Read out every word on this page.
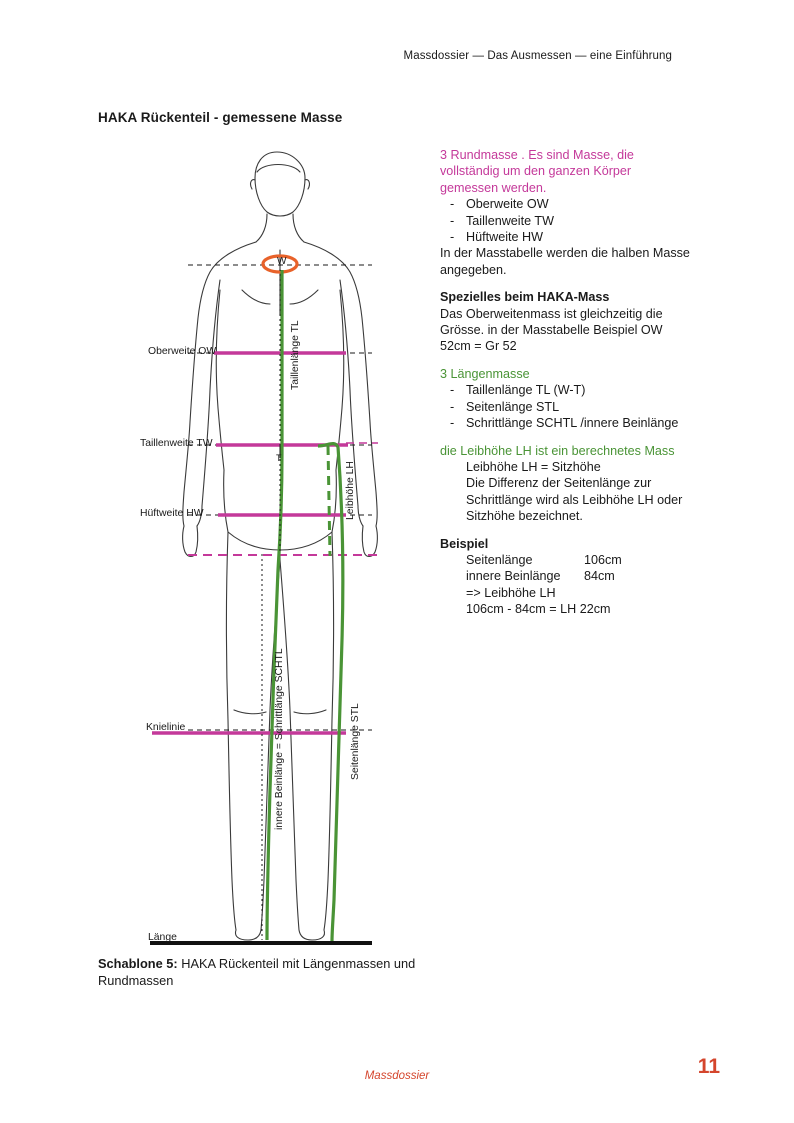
Massdossier — Das Ausmessen — eine Einführung
HAKA Rückenteil - gemessene Masse
W
Oberweite OW
Taillenweite TW
Hüftweite HW
Knielinie
Länge
T
Taillenlänge TL
Leibhöhe LH
Seitenlänge STL
innere Beinlänge = Schrittlänge SCHTL

3 Rundmasse . Es sind Masse, die vollständig um den ganzen Körper gemessen werden.

- Oberweite OW
- Taillenweite TW
- Hüftweite HW

In der Masstabelle werden die halben Masse angegeben.

Spezielles beim HAKA-Mass

Das Oberweitenmass ist gleichzeitig die Grösse. in der Masstabelle Beispiel OW 52cm = Gr 52

3 Längenmasse

- Taillenlänge TL (W-T)
- Seitenlänge STL
- Schrittlänge SCHTL /innere Beinlänge

die Leibhöhe LH ist ein berechnetes Mass

Leibhöhe LH = Sitzhöhe

Die Differenz der Seitenlänge zur Schrittlänge wird als Leibhöhe LH oder Sitzhöhe bezeichnet.

Beispiel

Seitenlänge	106cm

innere Beinlänge 84cm

=> Leibhöhe LH

106cm - 84cm = LH 22cm

Schablone 5: HAKA Rückenteil mit Längenmassen und Rundmassen
Massdossier	11
